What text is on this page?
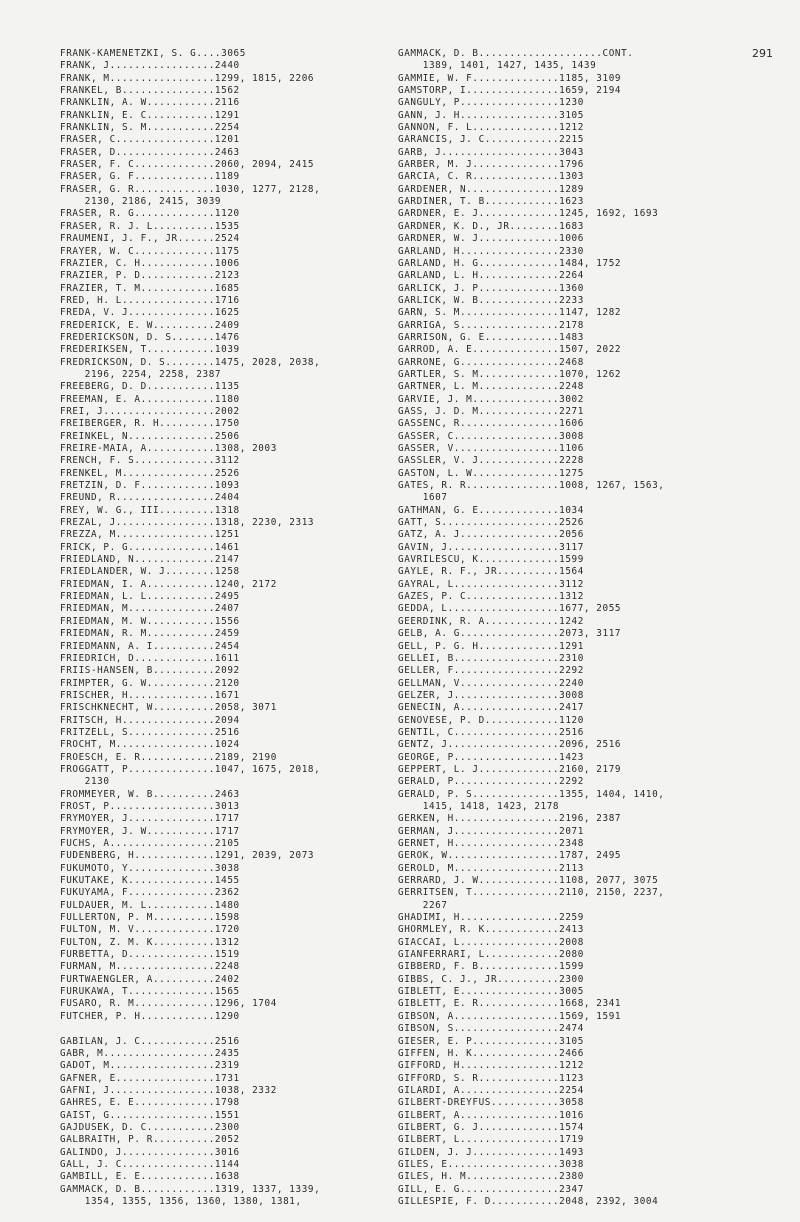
291
FRANK-KAMENETZKI, S. G....3065
FRANK, J.................2440
FRANK, M.................1299, 1815, 2206
FRANKEL, B...............1562
FRANKLIN, A. W...........2116
FRANKLIN, E. C...........1291
FRANKLIN, S. M...........2254
FRASER, C................1201
FRASER, D................2463
FRASER, F. C.............2060, 2094, 2415
FRASER, G. F.............1189
FRASER, G. R.............1030, 1277, 2128,
2130, 2186, 2415, 3039
FRASER, R. G.............1120
FRASER, R. J. L..........1535
FRAUMENI, J. F., JR......2524
FRAYER, W. C.............1175
FRAZIER, C. H............1006
FRAZIER, P. D............2123
FRAZIER, T. M............1685
FRED, H. L...............1716
FREDA, V. J..............1625
FREDERICK, E. W..........2409
FREDERICKSON, D. S.......1476
FREDERIKSEN, T...........1039
FREDRICKSON, D. S........1475, 2028, 2038,
2196, 2254, 2258, 2387
FREEBERG, D. D...........1135
FREEMAN, E. A............1180
FREI, J..................2002
FREIBERGER, R. H.........1750
FREINKEL, N..............2506
FREIRE-MAIA, A...........1308, 2003
FRENCH, F. S.............3112
FRENKEL, M...............2526
FRETZIN, D. F............1093
FREUND, R................2404
FREY, W. G., III.........1318
FREZAL, J................1318, 2230, 2313
FREZZA, M................1251
FRICK, P. G..............1461
FRIEDLAND, N.............2147
FRIEDLANDER, W. J........1258
FRIEDMAN, I. A...........1240, 2172
FRIEDMAN, L. L...........2495
FRIEDMAN, M..............2407
FRIEDMAN, M. W...........1556
FRIEDMAN, R. M...........2459
FRIEDMANN, A. I..........2454
FRIEDRICH, D.............1611
FRIIS-HANSEN, B..........2092
FRIMPTER, G. W...........2120
FRISCHER, H..............1671
FRISCHKNECHT, W..........2058, 3071
FRITSCH, H...............2094
FRITZELL, S..............2516
FROCHT, M................1024
FROESCH, E. R............2189, 2190
FROGGATT, P..............1047, 1675, 2018,
2130
FROMMEYER, W. B..........2463
FROST, P.................3013
FRYMOYER, J..............1717
FRYMOYER, J. W...........1717
FUCHS, A.................2105
FUDENBERG, H.............1291, 2039, 2073
FUKUMOTO, Y..............3038
FUKUTAKE, K..............1455
FUKUYAMA, F..............2362
FULDAUER, M. L...........1480
FULLERTON, P. M..........1598
FULTON, M. V.............1720
FULTON, Z. M. K..........1312
FURBETTA, D..............1519
FURMAN, M................2248
FURTWAENGLER, A..........2402
FURUKAWA, T..............1565
FUSARO, R. M.............1296, 1704
FUTCHER, P. H............1290
GABILAN, J. C............2516
GABR, M..................2435
GADOT, M.................2319
GAFNER, E................1731
GAFNI, J.................1038, 2332
GAHRES, E. E.............1798
GAIST, G.................1551
GAJDUSEK, D. C...........2300
GALBRAITH, P. R..........2052
GALINDO, J...............3016
GALL, J. C...............1144
GAMBILL, E. E............1638
GAMMACK, D. B............1319, 1337, 1339,
1354, 1355, 1356, 1360, 1380, 1381,
GAMMACK, D. B....................CONT.
1389, 1401, 1427, 1435, 1439
GAMMIE, W. F..............1185, 3109
GAMSTORP, I...............1659, 2194
GANGULY, P................1230
GANN, J. H................3105
GANNON, F. L..............1212
GARANCIS, J. C............2215
GARB, J...................3043
GARBER, M. J..............1796
GARCIA, C. R..............1303
GARDENER, N...............1289
GARDINER, T. B............1623
GARDNER, E. J.............1245, 1692, 1693
GARDNER, K. D., JR........1683
GARDNER, W. J.............1006
GARLAND, H................2330
GARLAND, H. G.............1484, 1752
GARLAND, L. H.............2264
GARLICK, J. P.............1360
GARLICK, W. B.............2233
GARN, S. M................1147, 1282
GARRIGA, S................2178
GARRISON, G. E............1483
GARROD, A. E..............1507, 2022
GARRONE, G................2468
GARTLER, S. M.............1070, 1262
GARTNER, L. M.............2248
GARVIE, J. M..............3002
GASS, J. D. M.............2271
GASSENC, R................1606
GASSER, C.................3008
GASSER, V.................1106
GASSLER, V. J.............2228
GASTON, L. W..............1275
GATES, R. R...............1008, 1267, 1563,
1607
GATHMAN, G. E.............1034
GATT, S...................2526
GATZ, A. J................2056
GAVIN, J..................3117
GAVRILESCU, K.............1599
GAYLE, R. F., JR..........1564
GAYRAL, L.................3112
GAZES, P. C...............1312
GEDDA, L..................1677, 2055
GEERDINK, R. A............1242
GELB, A. G................2073, 3117
GELL, P. G. H.............1291
GELLEI, B.................2310
GELLER, F.................2292
GELLMAN, V................2240
GELZER, J.................3008
GENECIN, A................2417
GENOVESE, P. D............1120
GENTIL, C.................2516
GENTZ, J..................2096, 2516
GEORGE, P.................1423
GEPPERT, L. J.............2160, 2179
GERALD, P.................2292
GERALD, P. S..............1355, 1404, 1410,
1415, 1418, 1423, 2178
GERKEN, H.................2196, 2387
GERMAN, J.................2071
GERNET, H.................2348
GEROK, W..................1787, 2495
GEROLD, M.................2113
GERRARD, J. W.............1108, 2077, 3075
GERRITSEN, T..............2110, 2150, 2237,
2267
GHADIMI, H................2259
GHORMLEY, R. K............2413
GIACCAI, L................2008
GIANFERRARI, L............2080
GIBBERD, F. B.............1599
GIBBS, C. J., JR..........2300
GIBLETT, E................3005
GIBLETT, E. R.............1668, 2341
GIBSON, A.................1569, 1591
GIBSON, S.................2474
GIESER, E. P..............3105
GIFFEN, H. K..............2466
GIFFORD, H................1212
GIFFORD, S. R.............1123
GILARDI, A................2254
GILBERT-DREYFUS...........3058
GILBERT, A................1016
GILBERT, G. J.............1574
GILBERT, L................1719
GILDEN, J. J..............1493
GILES, E..................3038
GILES, H. M...............2380
GILL, E. G................2347
GILLESPIE, F. D...........2048, 2392, 3004
